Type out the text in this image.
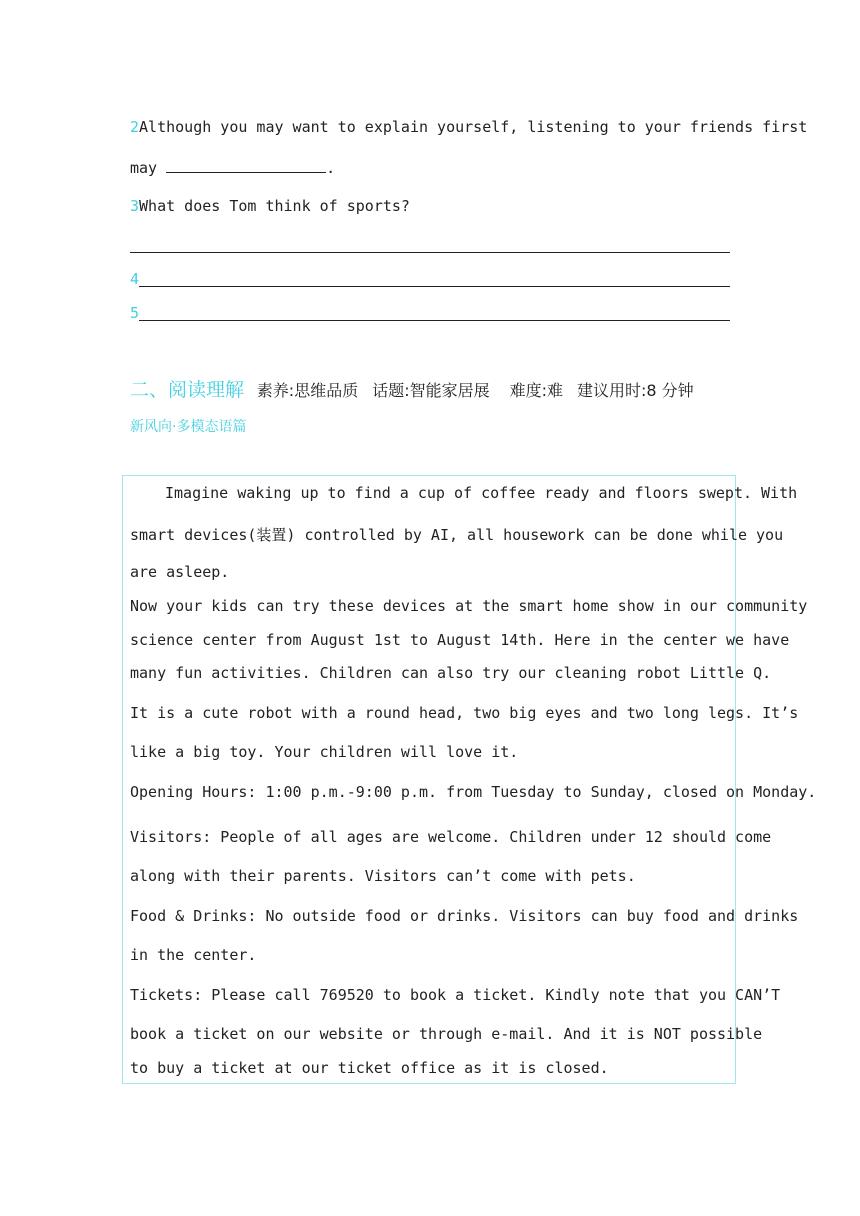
2Although you may want to explain yourself, listening to your friends first
may	.
3What does Tom think of sports?
4
5
二、阅读理解 素养:思维品质 话题:智能家居展 难度:难 建议用时:8 分钟
新风向·多模态语篇
Imagine waking up to find a cup of coffee ready and floors swept. With
smart devices(装置) controlled by AI, all housework can be done while you
are asleep.
Now your kids can try these devices at the smart home show in our community
science center from August 1st to August 14th. Here in the center we have
many fun activities. Children can also try our cleaning robot Little Q.
It is a cute robot with a round head, two big eyes and two long legs. It’s
like a big toy. Your children will love it.
Opening Hours: 1:00 p.m.-9:00 p.m. from Tuesday to Sunday, closed on Monday.
Visitors: People of all ages are welcome. Children under 12 should come
along with their parents. Visitors can’t come with pets.
Food & Drinks: No outside food or drinks. Visitors can buy food and drinks
in the center.
Tickets: Please call 769520 to book a ticket. Kindly note that you CAN’T
book a ticket on our website or through e-mail. And it is NOT possible
to buy a ticket at our ticket office as it is closed.
